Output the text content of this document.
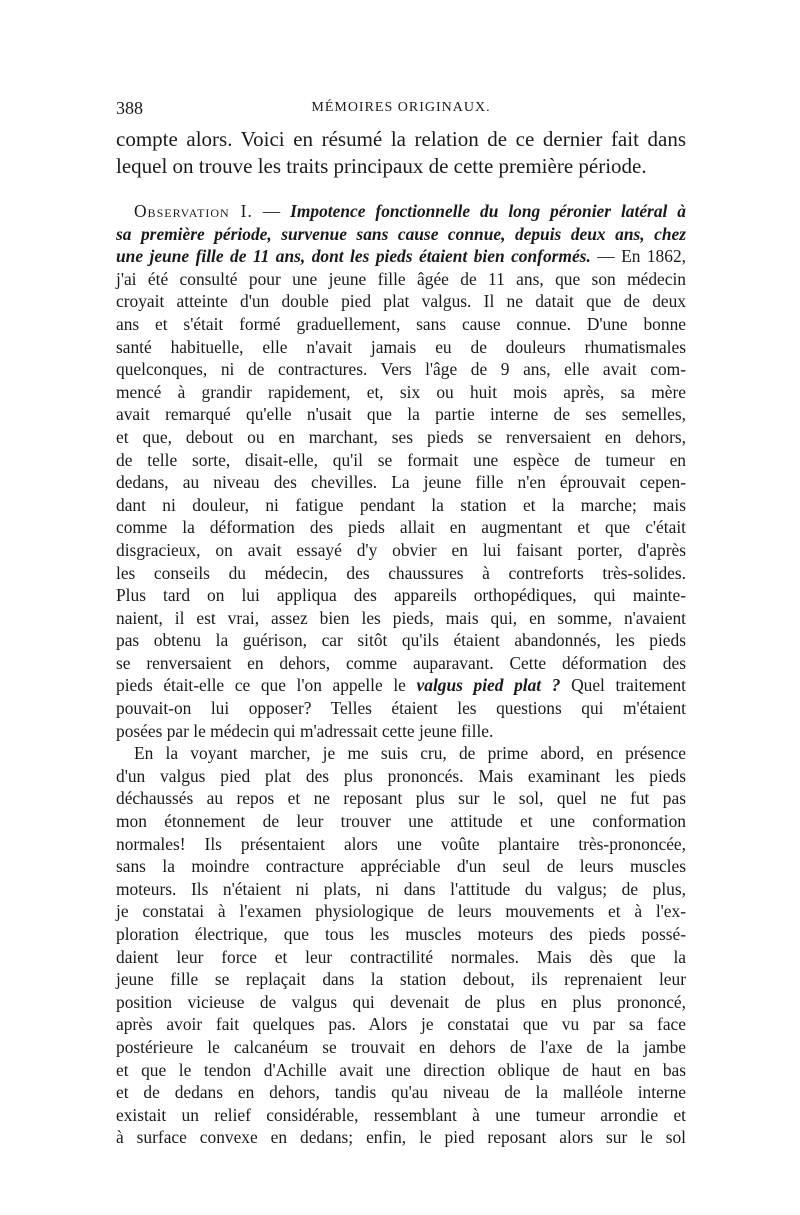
388	MÉMOIRES ORIGINAUX.
compte alors. Voici en résumé la relation de ce dernier fait dans
lequel on trouve les traits principaux de cette première période.
Observation I. — Impotence fonctionnelle du long péronier latéral à
sa première période, survenue sans cause connue, depuis deux ans, chez
une jeune fille de 11 ans, dont les pieds étaient bien conformés. — En 1862,
j'ai été consulté pour une jeune fille âgée de 11 ans, que son médecin
croyait atteinte d'un double pied plat valgus. Il ne datait que de deux
ans et s'était formé graduellement, sans cause connue. D'une bonne
santé habituelle, elle n'avait jamais eu de douleurs rhumatismales
quelconques, ni de contractures. Vers l'âge de 9 ans, elle avait com-
mencé à grandir rapidement, et, six ou huit mois après, sa mère
avait remarqué qu'elle n'usait que la partie interne de ses semelles,
et que, debout ou en marchant, ses pieds se renversaient en dehors,
de telle sorte, disait-elle, qu'il se formait une espèce de tumeur en
dedans, au niveau des chevilles. La jeune fille n'en éprouvait cepen-
dant ni douleur, ni fatigue pendant la station et la marche; mais
comme la déformation des pieds allait en augmentant et que c'était
disgracieux, on avait essayé d'y obvier en lui faisant porter, d'après
les conseils du médecin, des chaussures à contreforts très-solides.
Plus tard on lui appliqua des appareils orthopédiques, qui mainte-
naient, il est vrai, assez bien les pieds, mais qui, en somme, n'avaient
pas obtenu la guérison, car sitôt qu'ils étaient abandonnés, les pieds
se renversaient en dehors, comme auparavant. Cette déformation des
pieds était-elle ce que l'on appelle le valgus pied plat ? Quel traitement
pouvait-on lui opposer? Telles étaient les questions qui m'étaient
posées par le médecin qui m'adressait cette jeune fille.
En la voyant marcher, je me suis cru, de prime abord, en présence
d'un valgus pied plat des plus prononcés. Mais examinant les pieds
déchaussés au repos et ne reposant plus sur le sol, quel ne fut pas
mon étonnement de leur trouver une attitude et une conformation
normales! Ils présentaient alors une voûte plantaire très-prononcée,
sans la moindre contracture appréciable d'un seul de leurs muscles
moteurs. Ils n'étaient ni plats, ni dans l'attitude du valgus; de plus,
je constatai à l'examen physiologique de leurs mouvements et à l'ex-
ploration électrique, que tous les muscles moteurs des pieds possé-
daient leur force et leur contractilité normales. Mais dès que la
jeune fille se replaçait dans la station debout, ils reprenaient leur
position vicieuse de valgus qui devenait de plus en plus prononcé,
après avoir fait quelques pas. Alors je constatai que vu par sa face
postérieure le calcanéum se trouvait en dehors de l'axe de la jambe
et que le tendon d'Achille avait une direction oblique de haut en bas
et de dedans en dehors, tandis qu'au niveau de la malléole interne
existait un relief considérable, ressemblant à une tumeur arrondie et
à surface convexe en dedans; enfin, le pied reposant alors sur le sol
